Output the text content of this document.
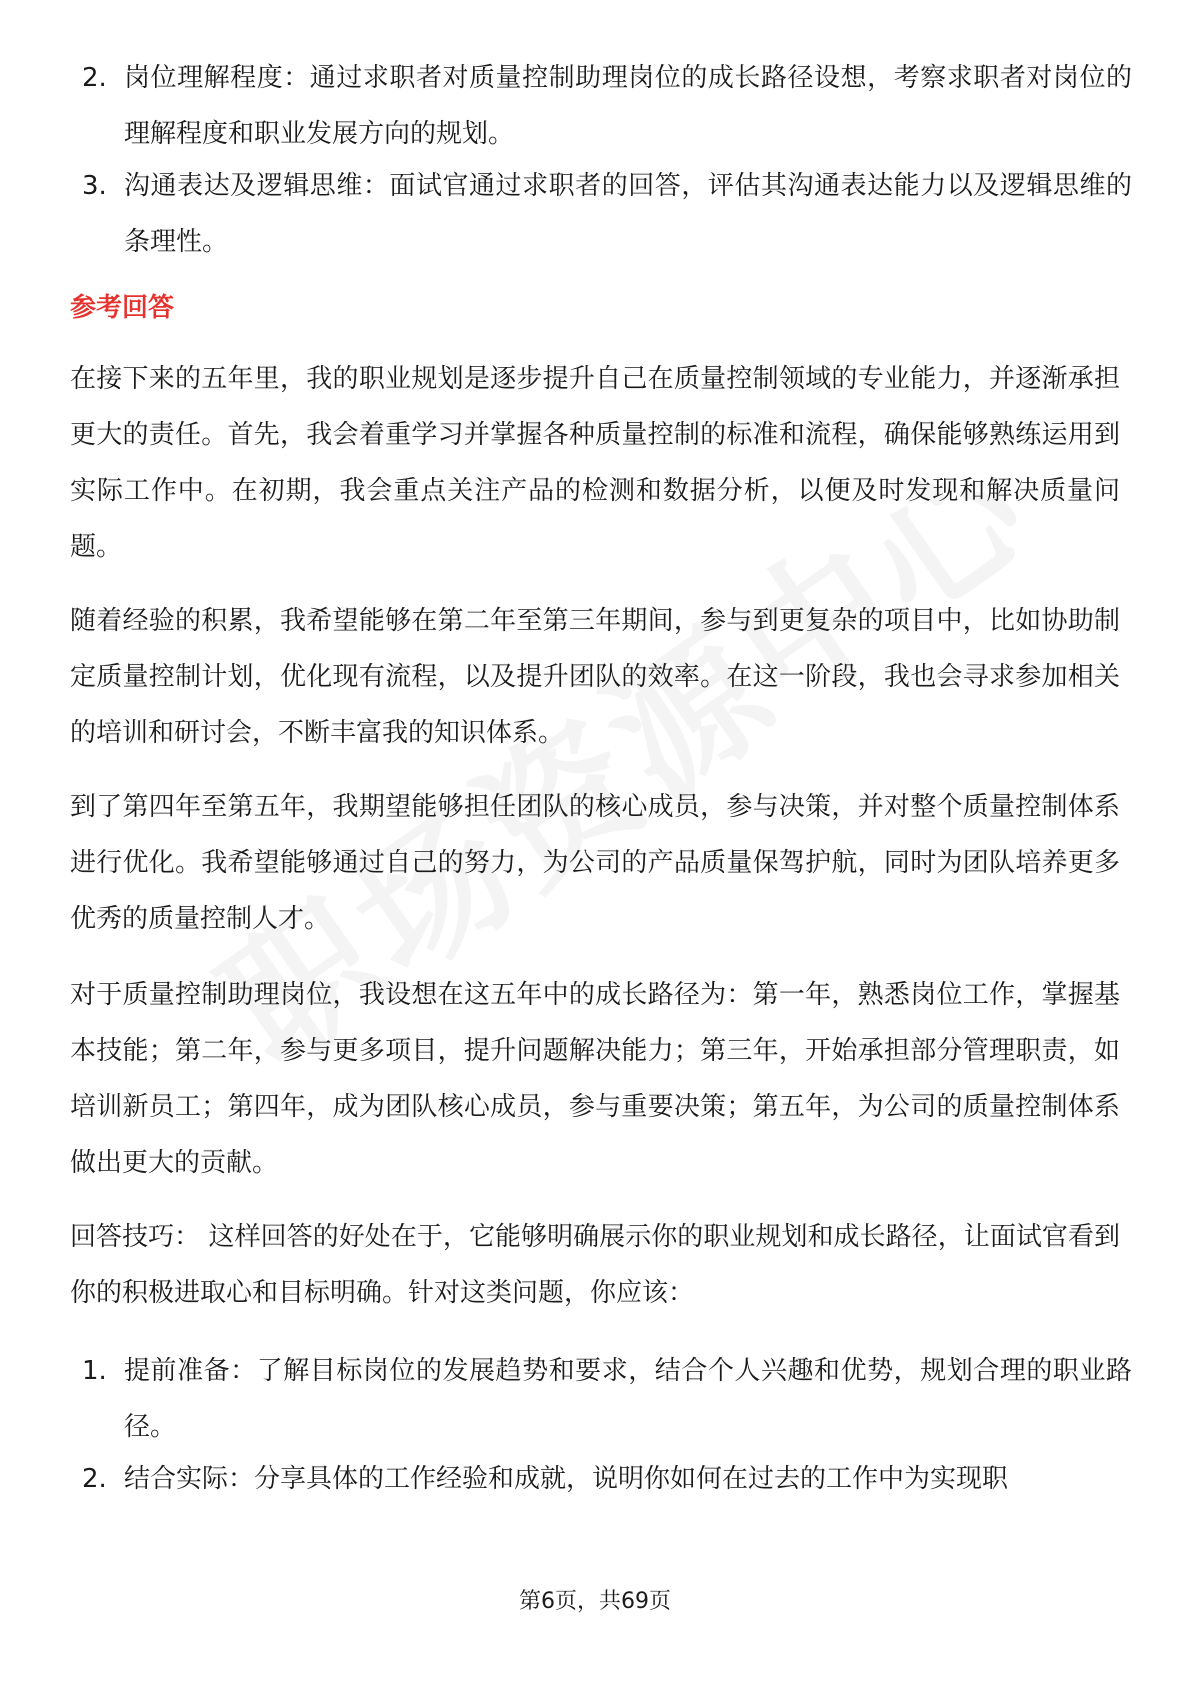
2. 岗位理解程度：通过求职者对质量控制助理岗位的成长路径设想，考察求职者对岗位的理解程度和职业发展方向的规划。
3. 沟通表达及逻辑思维：面试官通过求职者的回答，评估其沟通表达能力以及逻辑思维的条理性。
参考回答
在接下来的五年里，我的职业规划是逐步提升自己在质量控制领域的专业能力，并逐渐承担更大的责任。首先，我会着重学习并掌握各种质量控制的标准和流程，确保能够熟练运用到实际工作中。在初期，我会重点关注产品的检测和数据分析，以便及时发现和解决质量问题。
随着经验的积累，我希望能够在第二年至第三年期间，参与到更复杂的项目中，比如协助制定质量控制计划，优化现有流程，以及提升团队的效率。在这一阶段，我也会寻求参加相关的培训和研讨会，不断丰富我的知识体系。
到了第四年至第五年，我期望能够担任团队的核心成员，参与决策，并对整个质量控制体系进行优化。我希望能够通过自己的努力，为公司的产品质量保驾护航，同时为团队培养更多优秀的质量控制人才。
对于质量控制助理岗位，我设想在这五年中的成长路径为：第一年，熟悉岗位工作，掌握基本技能；第二年，参与更多项目，提升问题解决能力；第三年，开始承担部分管理职责，如培训新员工；第四年，成为团队核心成员，参与重要决策；第五年，为公司的质量控制体系做出更大的贡献。
回答技巧： 这样回答的好处在于，它能够明确展示你的职业规划和成长路径，让面试官看到你的积极进取心和目标明确。针对这类问题，你应该：
1. 提前准备：了解目标岗位的发展趋势和要求，结合个人兴趣和优势，规划合理的职业路径。
2. 结合实际：分享具体的工作经验和成就，说明你如何在过去的工作中为实现职
第6页，共69页
